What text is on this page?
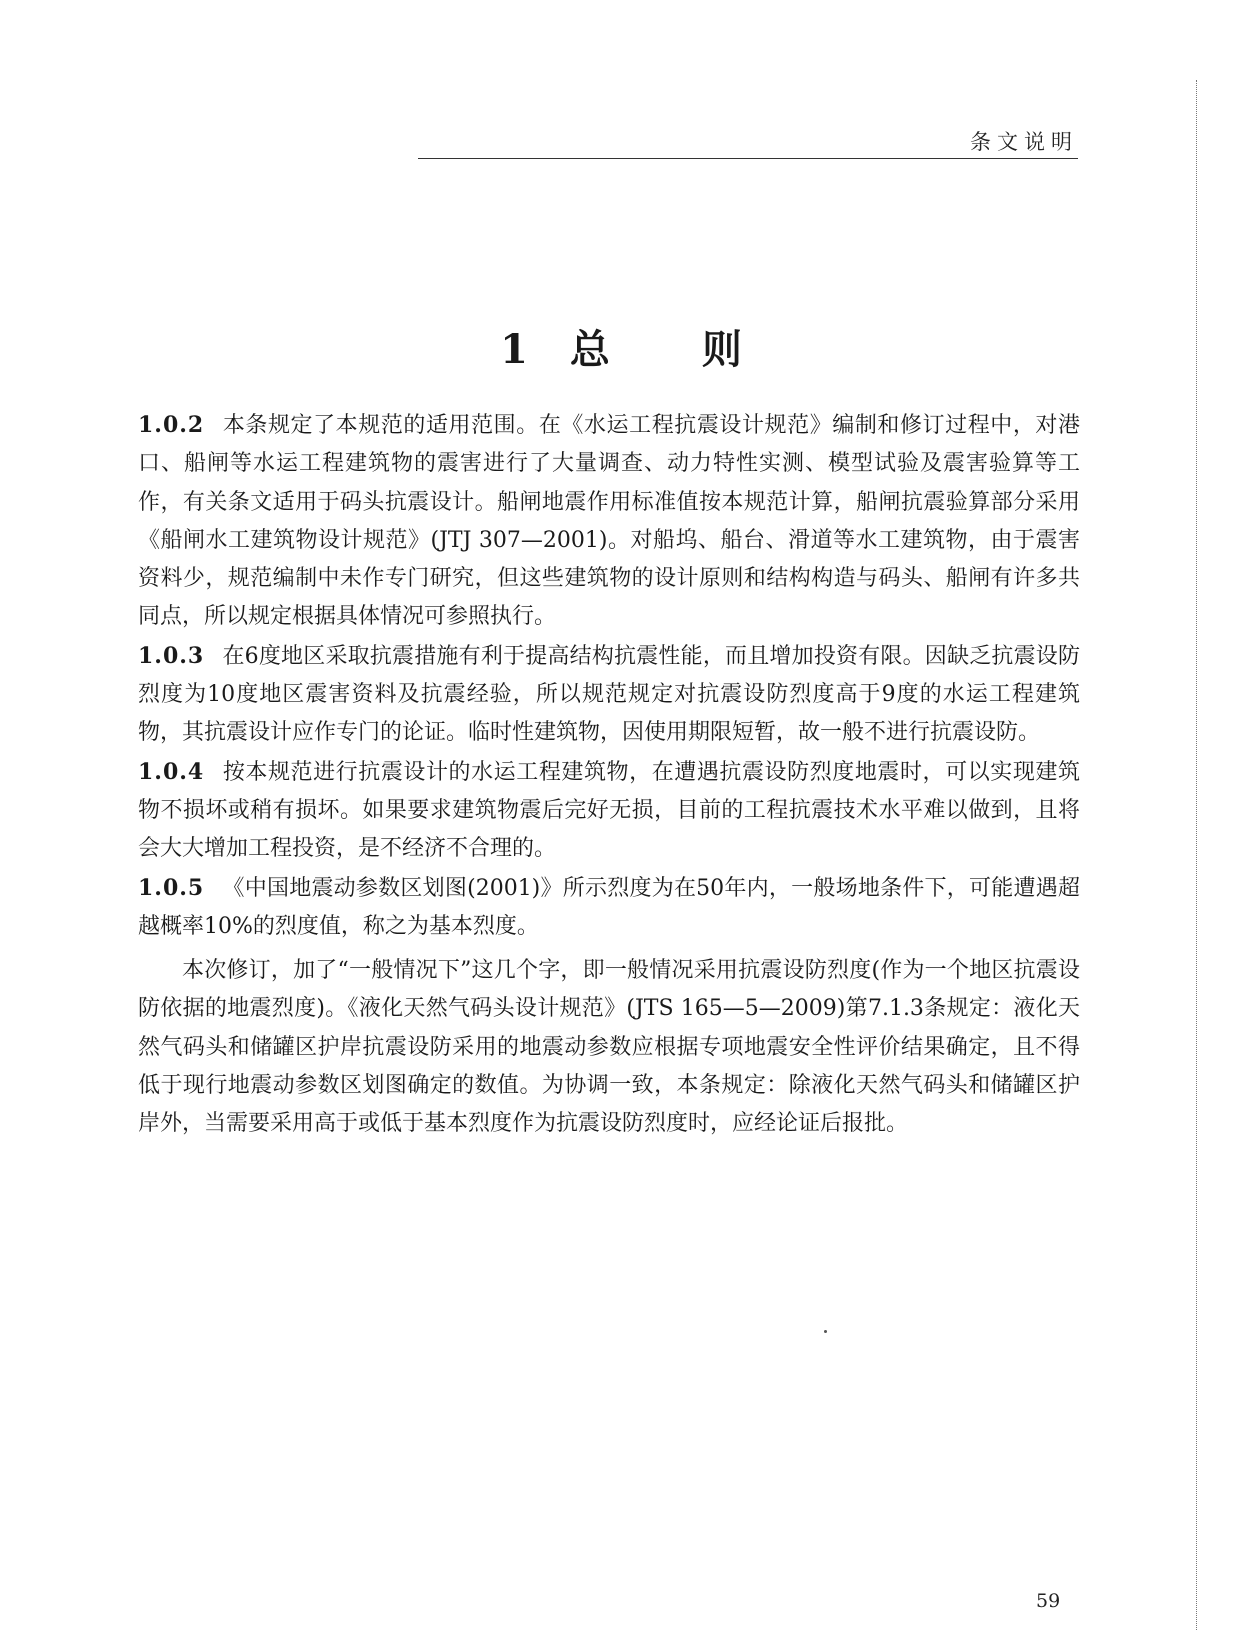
条文说明
1 总 则

1.0.2 本条规定了本规范的适用范围。在《水运工程抗震设计规范》编制和修订过程中，对港口、船闸等水运工程建筑物的震害进行了大量调查、动力特性实测、模型试验及震害验算等工作，有关条文适用于码头抗震设计。船闸地震作用标准值按本规范计算，船闸抗震验算部分采用《船闸水工建筑物设计规范》(JTJ 307—2001)。对船坞、船台、滑道等水工建筑物，由于震害资料少，规范编制中未作专门研究，但这些建筑物的设计原则和结构构造与码头、船闸有许多共同点，所以规定根据具体情况可参照执行。

1.0.3 在6度地区采取抗震措施有利于提高结构抗震性能，而且增加投资有限。因缺乏抗震设防烈度为10度地区震害资料及抗震经验，所以规范规定对抗震设防烈度高于9度的水运工程建筑物，其抗震设计应作专门的论证。临时性建筑物，因使用期限短暂，故一般不进行抗震设防。

1.0.4 按本规范进行抗震设计的水运工程建筑物，在遭遇抗震设防烈度地震时，可以实现建筑物不损坏或稍有损坏。如果要求建筑物震后完好无损，目前的工程抗震技术水平难以做到，且将会大大增加工程投资，是不经济不合理的。

1.0.5 《中国地震动参数区划图(2001)》所示烈度为在50年内，一般场地条件下，可能遭遇超越概率10%的烈度值，称之为基本烈度。

本次修订，加了“一般情况下”这几个字，即一般情况采用抗震设防烈度(作为一个地区抗震设防依据的地震烈度)。《液化天然气码头设计规范》(JTS 165—5—2009)第7.1.3条规定：液化天然气码头和储罐区护岸抗震设防采用的地震动参数应根据专项地震安全性评价结果确定，且不得低于现行地震动参数区划图确定的数值。为协调一致，本条规定：除液化天然气码头和储罐区护岸外，当需要采用高于或低于基本烈度作为抗震设防烈度时，应经论证后报批。

59
